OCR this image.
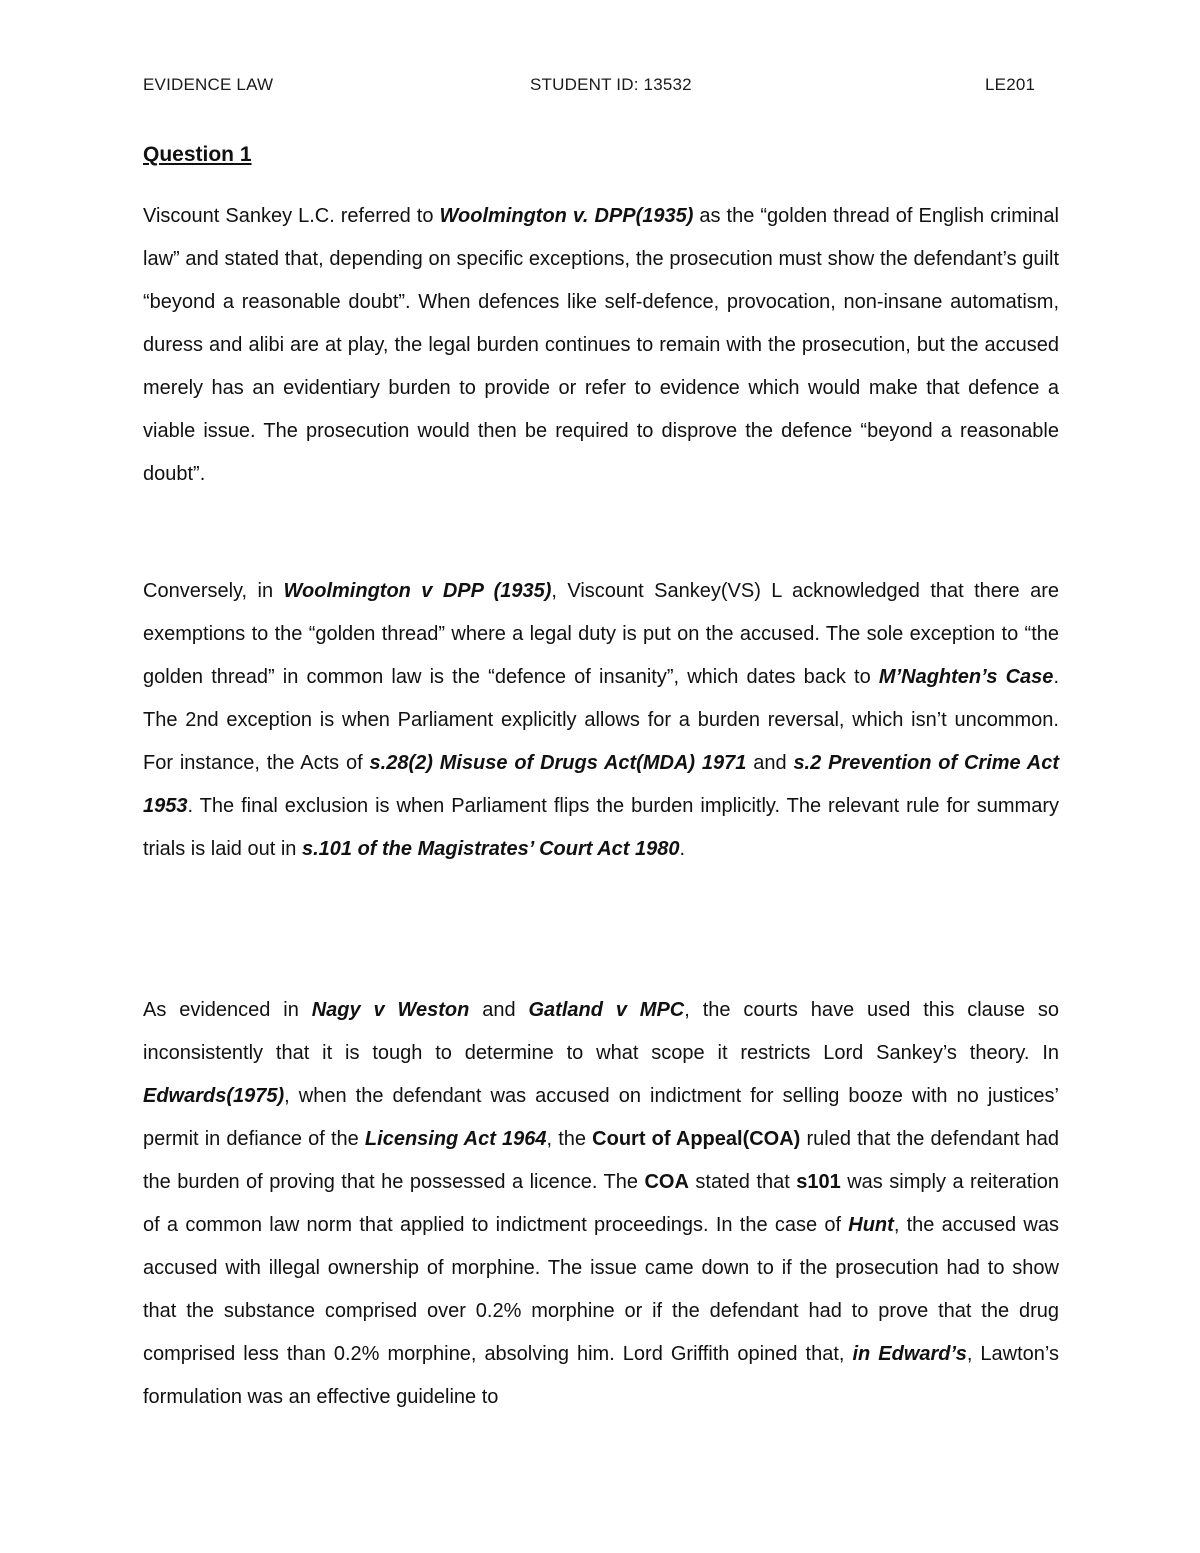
EVIDENCE LAW	STUDENT ID: 13532	LE201
Question 1

Viscount Sankey L.C. referred to Woolmington v. DPP(1935) as the “golden thread of English criminal law” and stated that, depending on specific exceptions, the prosecution must show the defendant’s guilt “beyond a reasonable doubt”. When defences like self-defence, provocation, non-insane automatism, duress and alibi are at play, the legal burden continues to remain with the prosecution, but the accused merely has an evidentiary burden to provide or refer to evidence which would make that defence a viable issue. The prosecution would then be required to disprove the defence “beyond a reasonable doubt”.

Conversely, in Woolmington v DPP (1935), Viscount Sankey(VS) L acknowledged that there are exemptions to the “golden thread” where a legal duty is put on the accused. The sole exception to “the golden thread” in common law is the “defence of insanity”, which dates back to M’Naghten’s Case. The 2nd exception is when Parliament explicitly allows for a burden reversal, which isn’t uncommon. For instance, the Acts of s.28(2) Misuse of Drugs Act(MDA) 1971 and s.2 Prevention of Crime Act 1953. The final exclusion is when Parliament flips the burden implicitly. The relevant rule for summary trials is laid out in s.101 of the Magistrates’ Court Act 1980.

As evidenced in Nagy v Weston and Gatland v MPC, the courts have used this clause so inconsistently that it is tough to determine to what scope it restricts Lord Sankey’s theory. In Edwards(1975), when the defendant was accused on indictment for selling booze with no justices’ permit in defiance of the Licensing Act 1964, the Court of Appeal(COA) ruled that the defendant had the burden of proving that he possessed a licence. The COA stated that s101 was simply a reiteration of a common law norm that applied to indictment proceedings. In the case of Hunt, the accused was accused with illegal ownership of morphine. The issue came down to if the prosecution had to show that the substance comprised over 0.2% morphine or if the defendant had to prove that the drug comprised less than 0.2% morphine, absolving him. Lord Griffith opined that, in Edward’s, Lawton’s formulation was an effective guideline to
